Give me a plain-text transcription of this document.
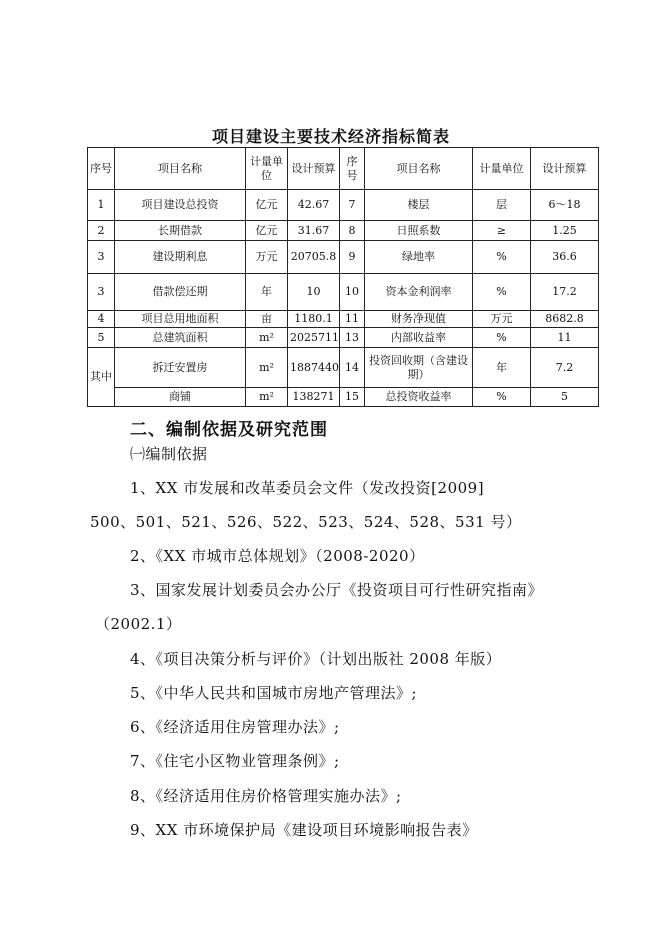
项目建设主要技术经济指标简表
序号	项目名称	计量单位	设计预算	序号	项目名称	计量单位	设计预算
1	项目建设总投资	亿元	42.67	7	楼层	层	6～18
2	长期借款	亿元	31.67	8	日照系数	≥	1.25
3	建设期利息	万元	20705.8	9	绿地率	%	36.6
3	借款偿还期	年	10	10	资本金利润率	%	17.2
4	项目总用地面积	亩	1180.1	11	财务净现值	万元	8682.8
5	总建筑面积	m²	2025711	13	内部收益率	%	11
其中	拆迁安置房	m²	1887440	14	投资回收期（含建设期）	年	7.2
	商铺	m²	138271	15	总投资收益率	%	5
二、编制依据及研究范围
㈠编制依据
1、XX 市发展和改革委员会文件（发改投资[2009]
500、501、521、526、522、523、524、528、531 号）
2、《XX 市城市总体规划》（2008-2020）
3、国家发展计划委员会办公厅《投资项目可行性研究指南》
（2002.1）
4、《项目决策分析与评价》（计划出版社 2008 年版）
5、《中华人民共和国城市房地产管理法》;
6、《经济适用住房管理办法》;
7、《住宅小区物业管理条例》;
8、《经济适用住房价格管理实施办法》;
9、XX 市环境保护局《建设项目环境影响报告表》
